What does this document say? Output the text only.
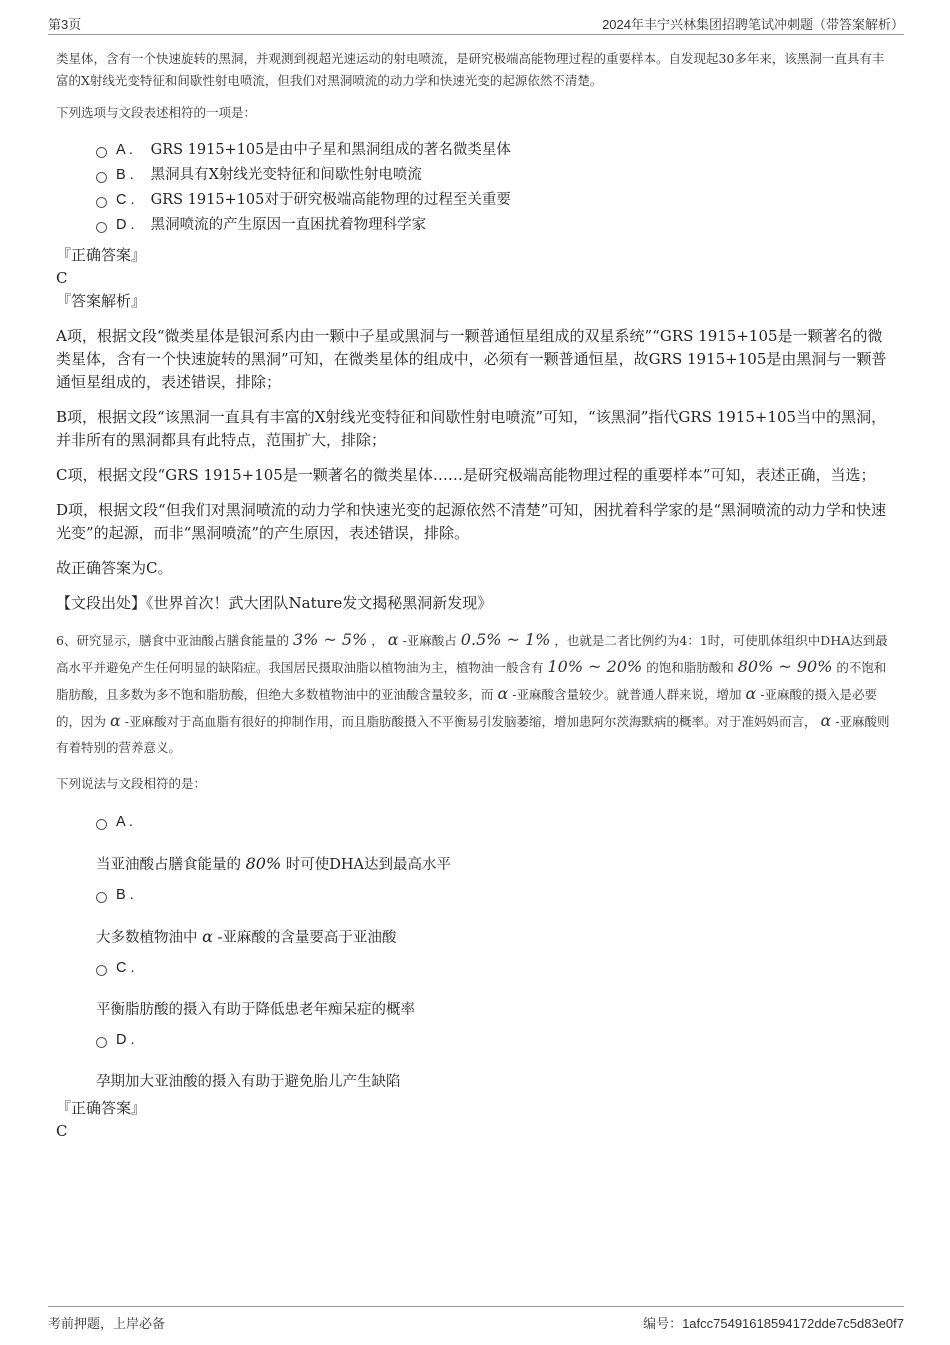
第3页	2024年丰宁兴林集团招聘笔试冲刺题（带答案解析）

类星体，含有一个快速旋转的黑洞，并观测到视超光速运动的射电喷流，是研究极端高能物理过程的重要样本。自发现起30多年来，该黑洞一直具有丰富的X射线光变特征和间歇性射电喷流，但我们对黑洞喷流的动力学和快速光变的起源依然不清楚。

下列选项与文段表述相符的一项是：

A . GRS 1915+105是由中子星和黑洞组成的著名微类星体
B . 黑洞具有X射线光变特征和间歇性射电喷流
C . GRS 1915+105对于研究极端高能物理的过程至关重要
D . 黑洞喷流的产生原因一直困扰着物理科学家
『正确答案』
C
『答案解析』

A项，根据文段“微类星体是银河系内由一颗中子星或黑洞与一颗普通恒星组成的双星系统”“GRS 1915+105是一颗著名的微类星体，含有一个快速旋转的黑洞”可知，在微类星体的组成中，必须有一颗普通恒星，故GRS 1915+105是由黑洞与一颗普通恒星组成的，表述错误，排除；

B项，根据文段“该黑洞一直具有丰富的X射线光变特征和间歇性射电喷流”可知，“该黑洞”指代GRS 1915+105当中的黑洞，并非所有的黑洞都具有此特点，范围扩大，排除；

C项，根据文段“GRS 1915+105是一颗著名的微类星体……是研究极端高能物理过程的重要样本”可知，表述正确，当选；

D项，根据文段“但我们对黑洞喷流的动力学和快速光变的起源依然不清楚”可知，困扰着科学家的是“黑洞喷流的动力学和快速光变”的起源，而非“黑洞喷流”的产生原因，表述错误，排除。

故正确答案为C。

【文段出处】《世界首次！武大团队Nature发文揭秘黑洞新发现》

6、研究显示，膳食中亚油酸占膳食能量的 3% ~ 5% ， α -亚麻酸占 0.5% ~ 1% ，也就是二者比例约为4：1时，可使肌体组织中DHA达到最高水平并避免产生任何明显的缺陷症。我国居民摄取油脂以植物油为主，植物油一般含有 10% ~ 20% 的饱和脂肪酸和 80% ~ 90% 的不饱和脂肪酸，且多数为多不饱和脂肪酸，但绝大多数植物油中的亚油酸含量较多，而 α -亚麻酸含量较少。就普通人群来说，增加 α -亚麻酸的摄入是必要的，因为 α -亚麻酸对于高血脂有很好的抑制作用，而且脂肪酸摄入不平衡易引发脑萎缩，增加患阿尔茨海默病的概率。对于准妈妈而言， α -亚麻酸则有着特别的营养意义。

下列说法与文段相符的是：

A .
当亚油酸占膳食能量的 80% 时可使DHA达到最高水平
B .
大多数植物油中 α -亚麻酸的含量要高于亚油酸
C .
平衡脂肪酸的摄入有助于降低患老年痴呆症的概率
D .
孕期加大亚油酸的摄入有助于避免胎儿产生缺陷
『正确答案』
C
考前押题，上岸必备	编号：1afcc75491618594172dde7c5d83e0f7
